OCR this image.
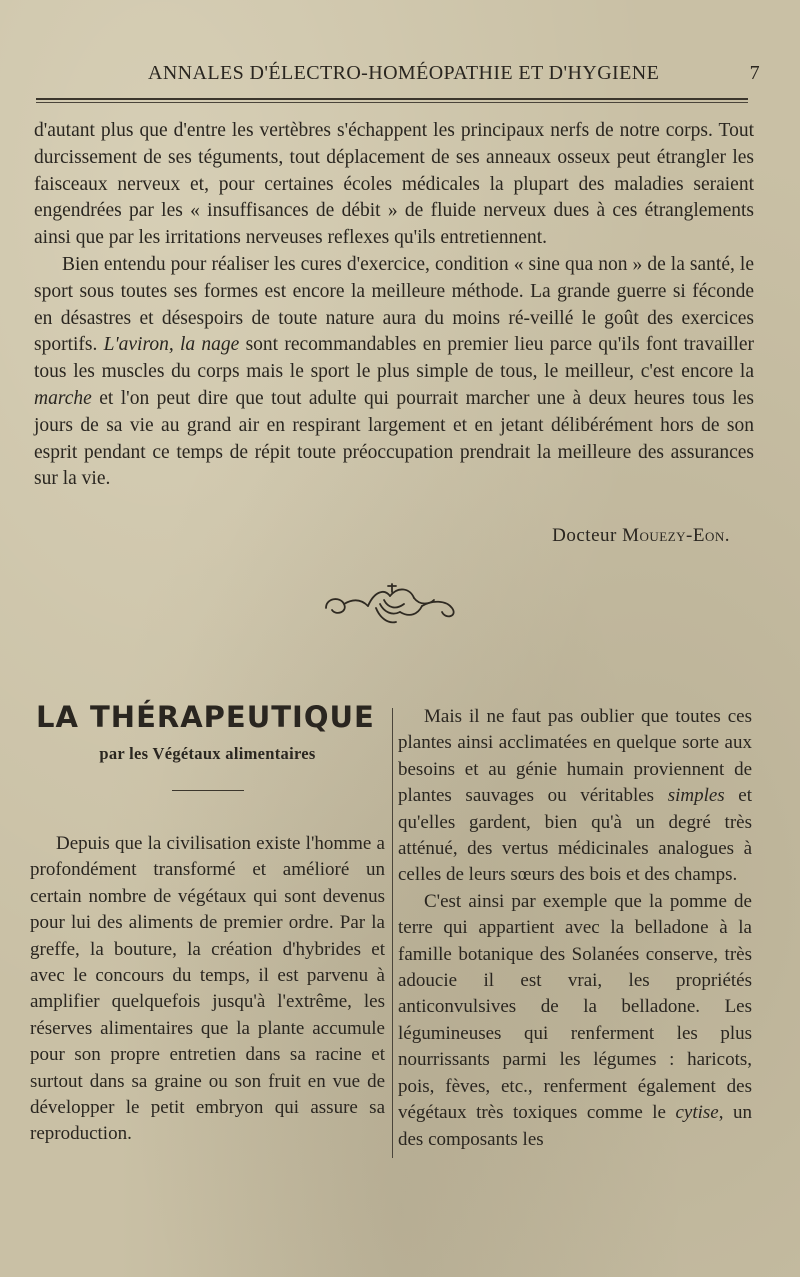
ANNALES D'ÉLECTRO-HOMÉOPATHIE ET D'HYGIENE	7

d'autant plus que d'entre les vertèbres s'échappent les principaux nerfs de notre corps. Tout durcissement de ses téguments, tout déplacement de ses anneaux osseux peut étrangler les faisceaux nerveux et, pour certaines écoles médicales la plupart des maladies seraient engendrées par les « insuffisances de débit » de fluide nerveux dues à ces étranglements ainsi que par les irritations nerveuses reflexes qu'ils entretiennent.

Bien entendu pour réaliser les cures d'exercice, condition « sine qua non » de la santé, le sport sous toutes ses formes est encore la meilleure méthode. La grande guerre si féconde en désastres et désespoirs de toute nature aura du moins ré-veillé le goût des exercices sportifs. L'aviron, la nage sont recommandables en premier lieu parce qu'ils font travailler tous les muscles du corps mais le sport le plus simple de tous, le meilleur, c'est encore la marche et l'on peut dire que tout adulte qui pourrait marcher une à deux heures tous les jours de sa vie au grand air en respirant largement et en jetant délibérément hors de son esprit pendant ce temps de répit toute préoccupation prendrait la meilleure des assurances sur la vie.

Docteur Mouezy-Eon.
LA THÉRAPEUTIQUE
par les Végétaux alimentaires

Depuis que la civilisation existe l'homme a profondément transformé et amélioré un certain nombre de végétaux qui sont devenus pour lui des aliments de premier ordre. Par la greffe, la bouture, la création d'hybrides et avec le concours du temps, il est parvenu à amplifier quelquefois jusqu'à l'extrême, les réserves alimentaires que la plante accumule pour son propre entretien dans sa racine et surtout dans sa graine ou son fruit en vue de développer le petit embryon qui assure sa reproduction.

Mais il ne faut pas oublier que toutes ces plantes ainsi acclimatées en quelque sorte aux besoins et au génie humain proviennent de plantes sauvages ou véritables simples et qu'elles gardent, bien qu'à un degré très atténué, des vertus médicinales analogues à celles de leurs sœurs des bois et des champs.

C'est ainsi par exemple que la pomme de terre qui appartient avec la belladone à la famille botanique des Solanées conserve, très adoucie il est vrai, les propriétés anticonvulsives de la belladone. Les légumineuses qui renferment les plus nourrissants parmi les légumes : haricots, pois, fèves, etc., renferment également des végétaux très toxiques comme le cytise, un des composants les
